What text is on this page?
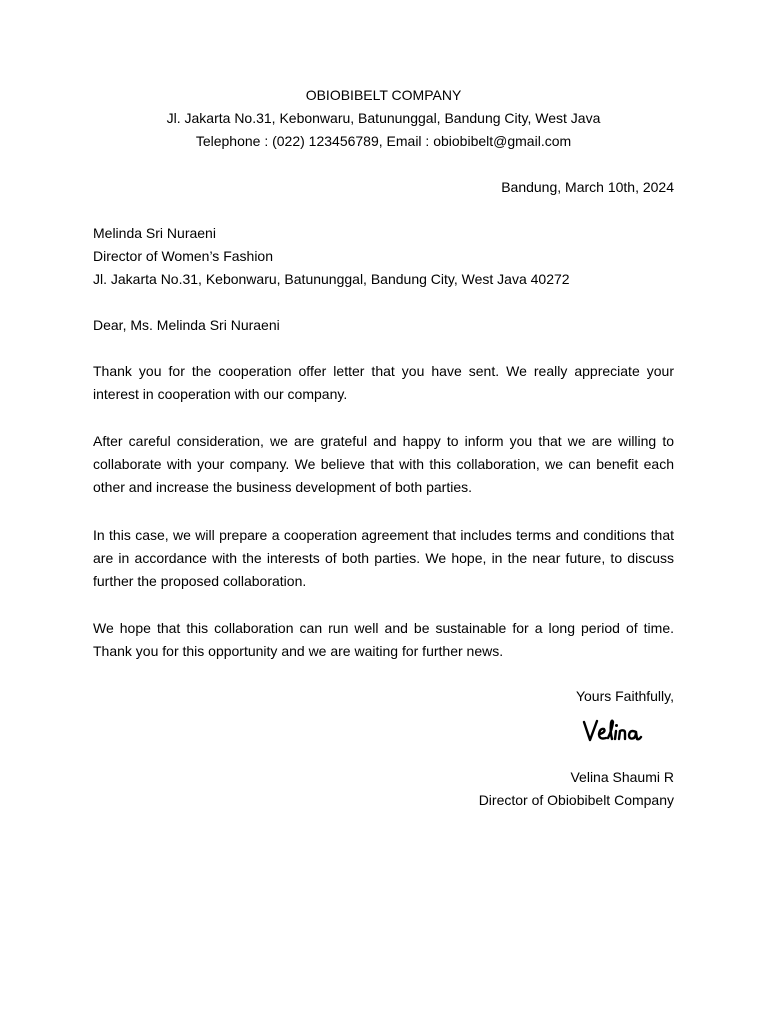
OBIOBIBELT COMPANY
Jl. Jakarta No.31, Kebonwaru, Batununggal, Bandung City, West Java
Telephone : (022) 123456789, Email : obiobibelt@gmail.com
Bandung, March 10th, 2024
Melinda Sri Nuraeni
Director of Women’s Fashion
Jl. Jakarta No.31, Kebonwaru, Batununggal, Bandung City, West Java 40272
Dear, Ms. Melinda Sri Nuraeni

Thank you for the cooperation offer letter that you have sent. We really appreciate your interest in cooperation with our company.

After careful consideration, we are grateful and happy to inform you that we are willing to collaborate with your company. We believe that with this collaboration, we can benefit each other and increase the business development of both parties.

In this case, we will prepare a cooperation agreement that includes terms and conditions that are in accordance with the interests of both parties. We hope, in the near future, to discuss further the proposed collaboration.

We hope that this collaboration can run well and be sustainable for a long period of time. Thank you for this opportunity and we are waiting for further news.

Yours Faithfully,
Velina Shaumi R
Director of Obiobibelt Company
